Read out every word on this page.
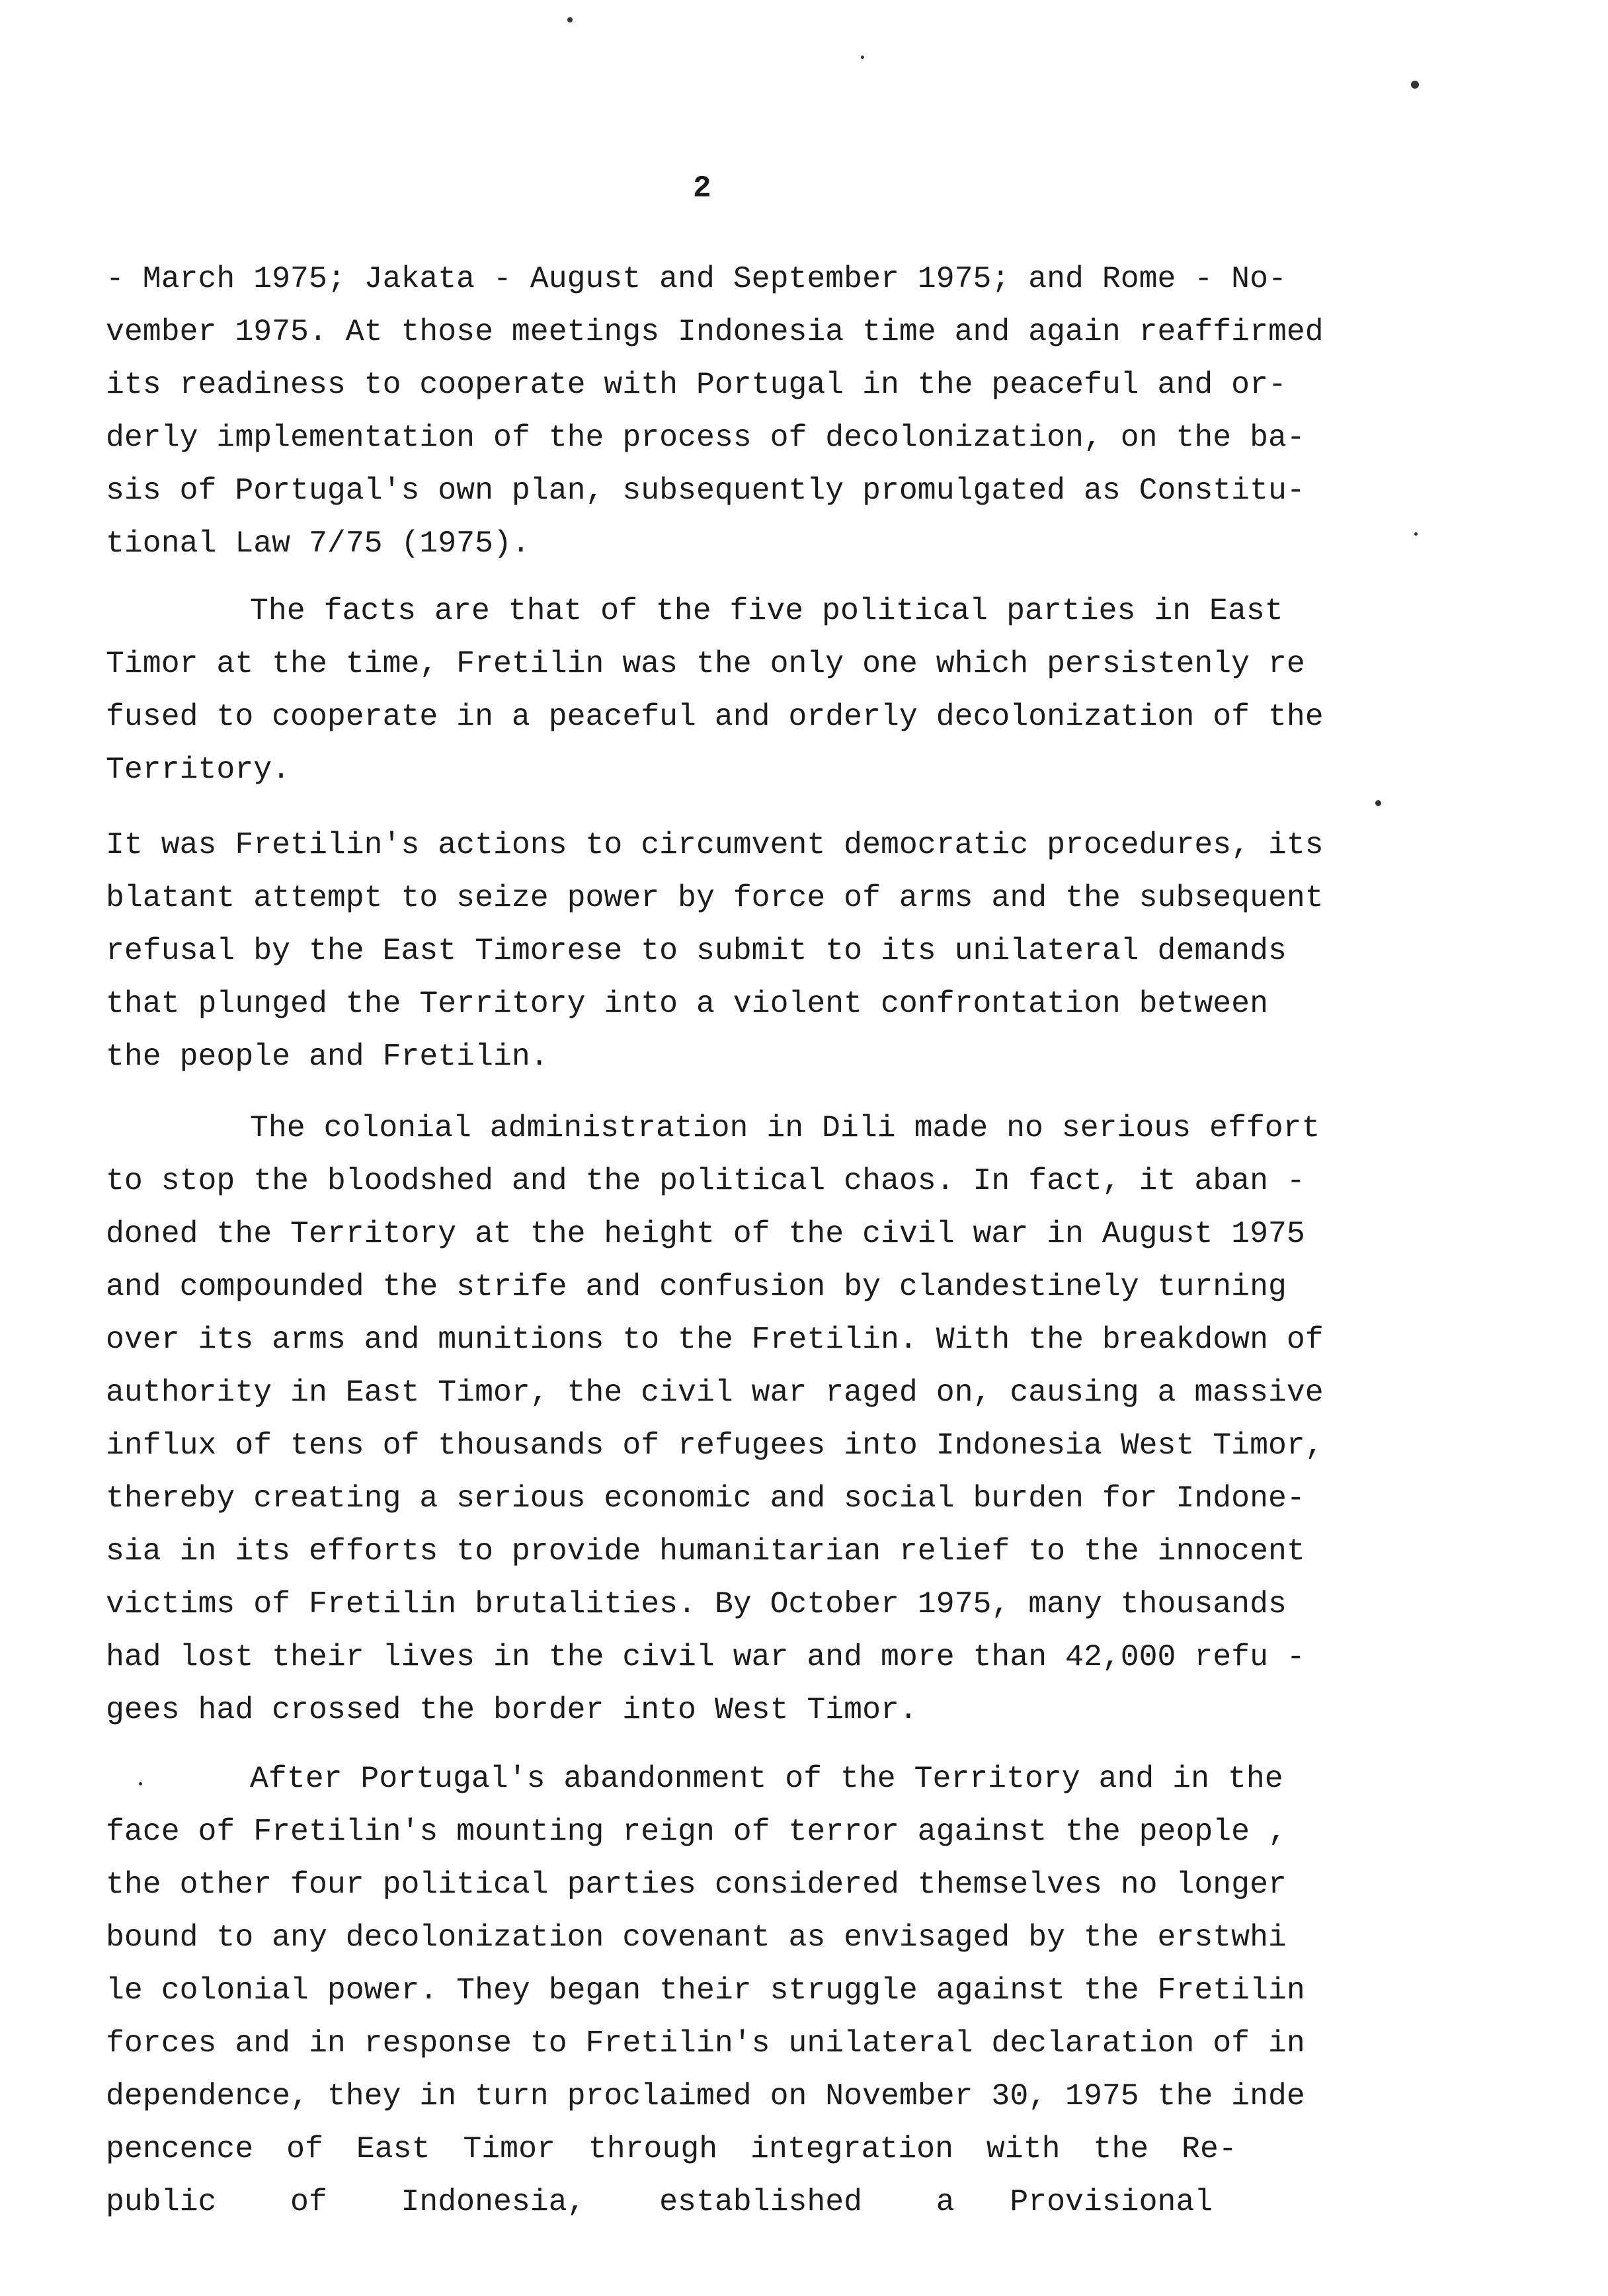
2

- March 1975; Jakata - August and September 1975; and Rome - No-
vember 1975. At those meetings Indonesia time and again reaffirmed
its readiness to cooperate with Portugal in the peaceful and or-
derly implementation of the process of decolonization, on the ba-
sis of Portugal's own plan, subsequently promulgated as Constitu-
tional Law 7/75 (1975).

The facts are that of the five political parties in East
Timor at the time, Fretilin was the only one which persistenly re
fused to cooperate in a peaceful and orderly decolonization of the
Territory.

It was Fretilin's actions to circumvent democratic procedures, its
blatant attempt to seize power by force of arms and the subsequent
refusal by the East Timorese to submit to its unilateral demands
that plunged the Territory into a violent confrontation between
the people and Fretilin.

The colonial administration in Dili made no serious effort
to stop the bloodshed and the political chaos. In fact, it aban -
doned the Territory at the height of the civil war in August 1975
and compounded the strife and confusion by clandestinely turning
over its arms and munitions to the Fretilin. With the breakdown of
authority in East Timor, the civil war raged on, causing a massive
influx of tens of thousands of refugees into Indonesia West Timor,
thereby creating a serious economic and social burden for Indone-
sia in its efforts to provide humanitarian relief to the innocent
victims of Fretilin brutalities. By October 1975, many thousands
had lost their lives in the civil war and more than 42,000 refu -
gees had crossed the border into West Timor.

After Portugal's abandonment of the Territory and in the
face of Fretilin's mounting reign of terror against the people ,
the other four political parties considered themselves no longer
bound to any decolonization covenant as envisaged by the erstwhi
le colonial power. They began their struggle against the Fretilin
forces and in response to Fretilin's unilateral declaration of in
dependence, they in turn proclaimed on November 30, 1975 the inde
pencence of East Timor through integration with the Re-
public    of    Indonesia,    established    a   Provisional
